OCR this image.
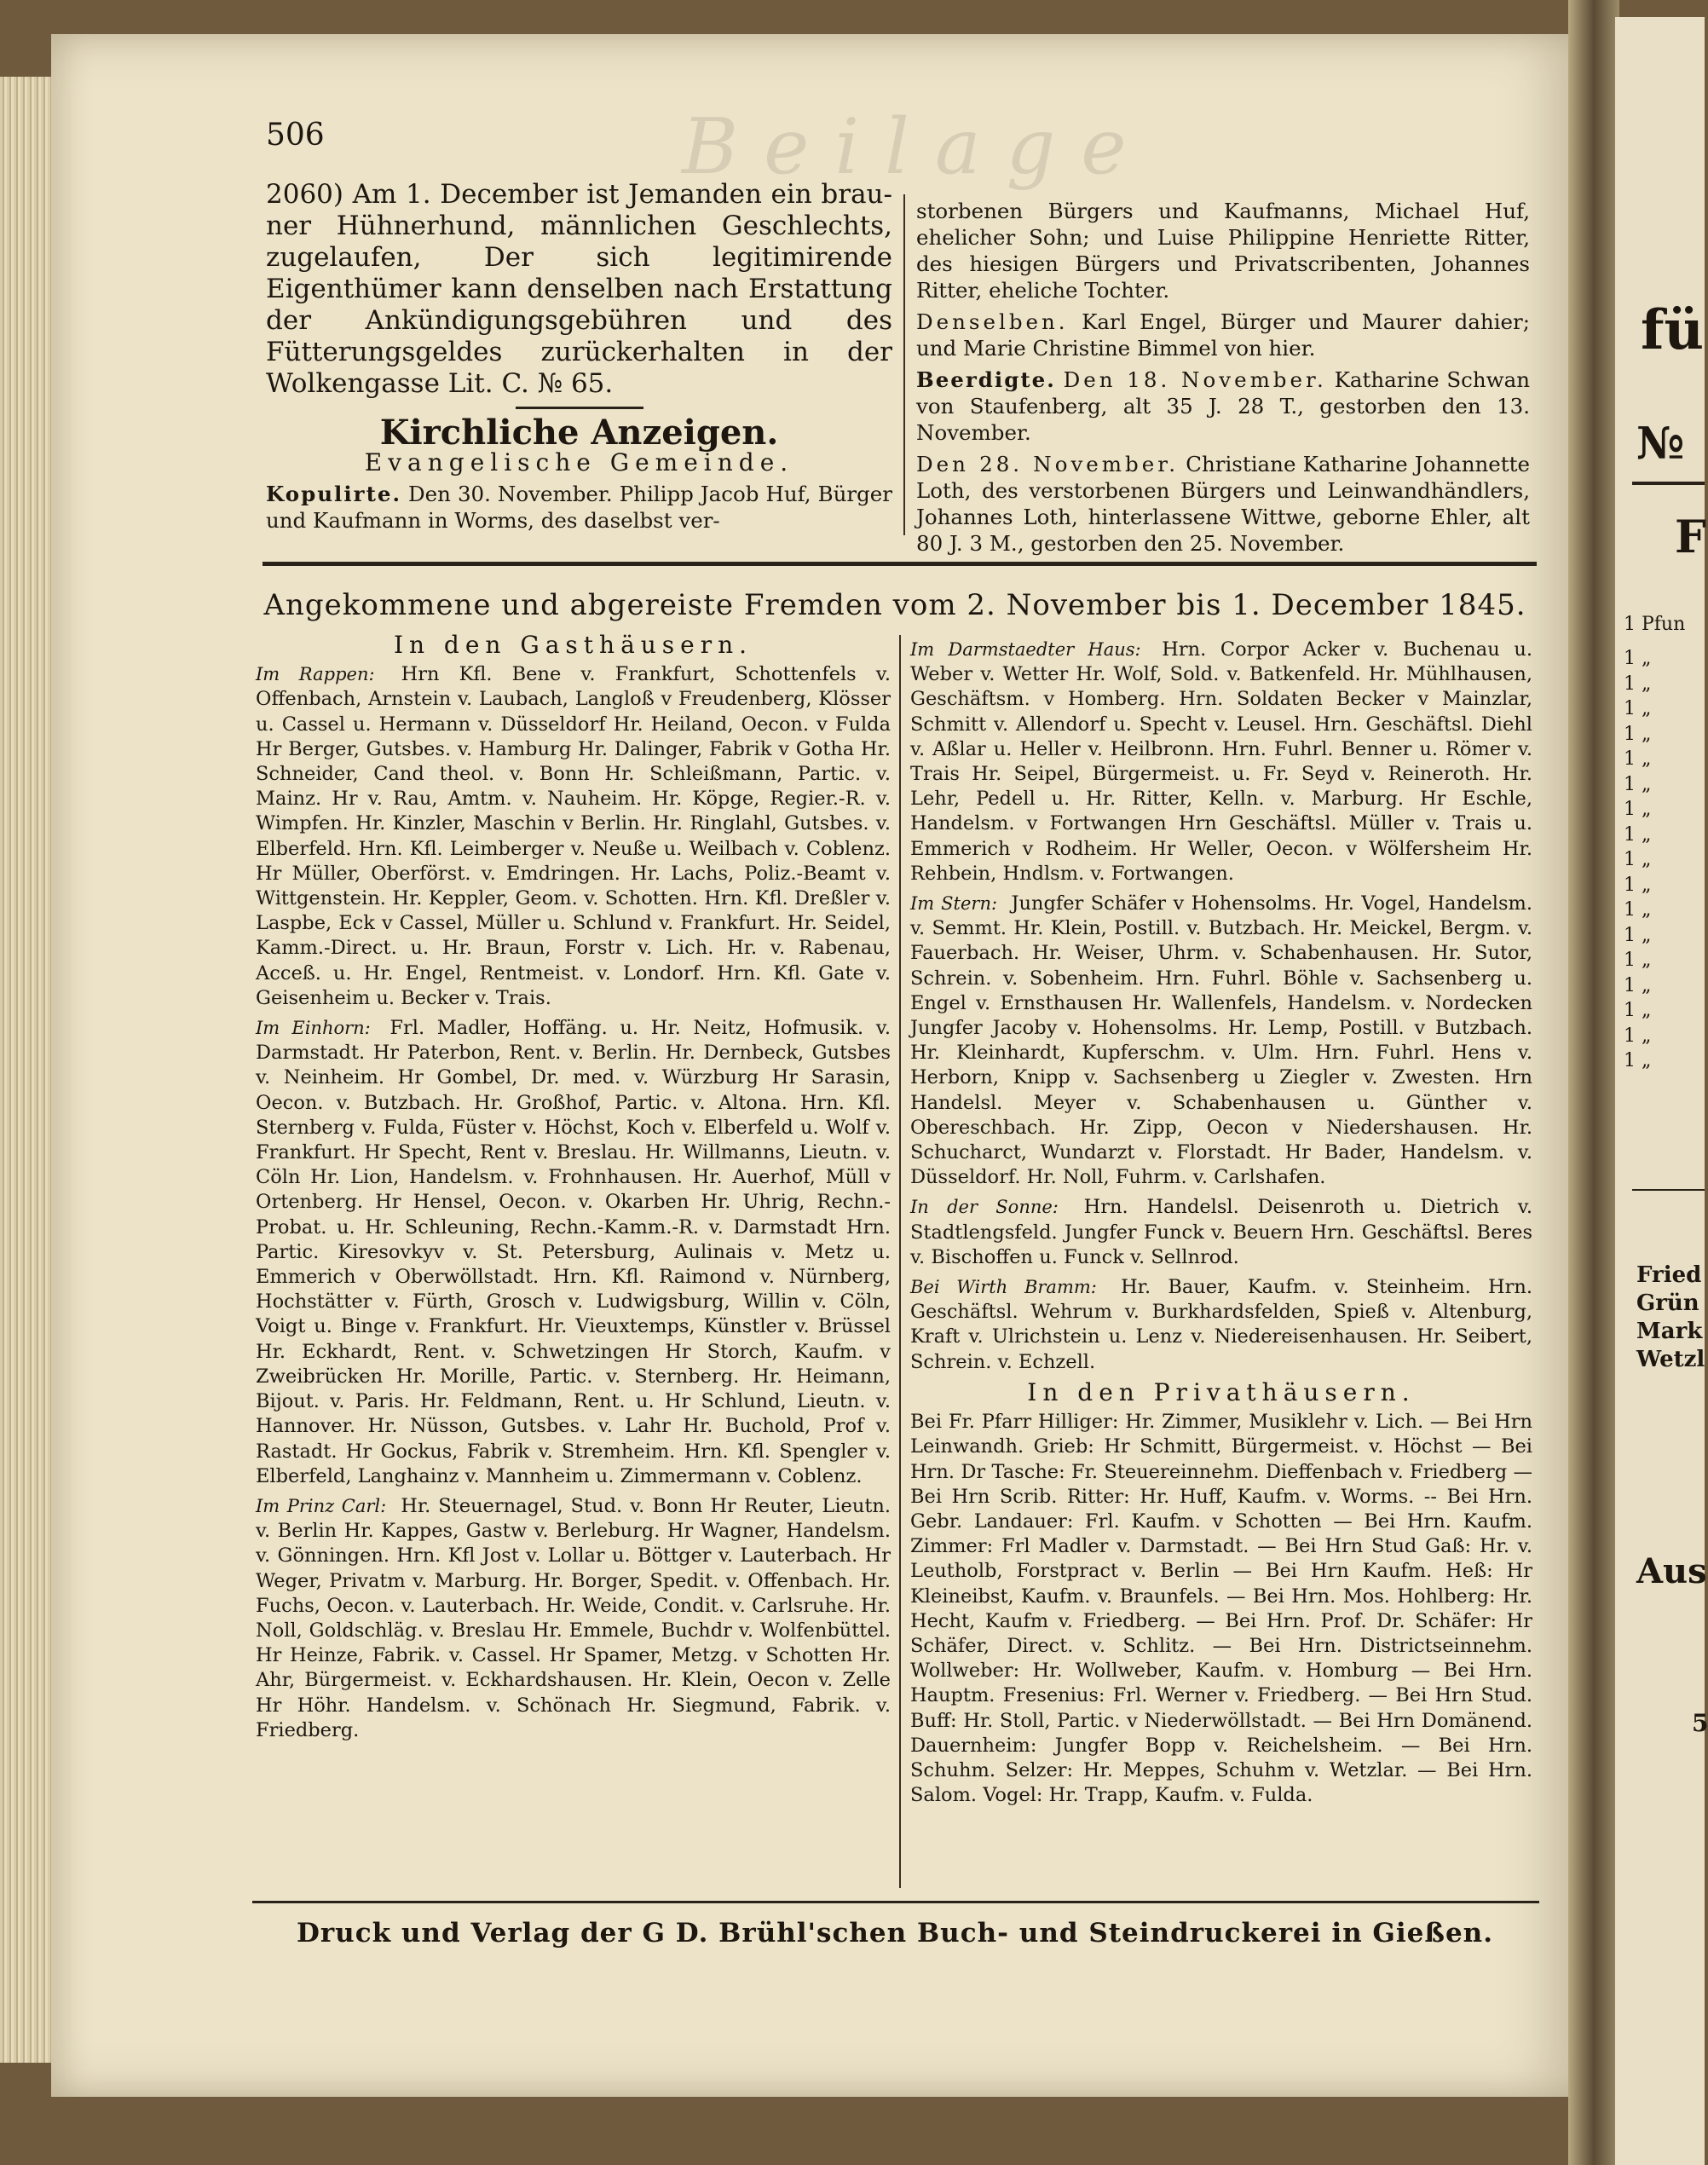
Beilage
506

2060) Am 1. December ist Jemanden ein brau- ner Hühnerhund, männlichen Geschlechts, zugelaufen, Der sich legitimirende Eigenthümer kann denselben nach Erstattung der Ankündigungsgebühren und des Fütterungsgeldes zurückerhalten in der Wolkengasse Lit. C. № 65.

Kirchliche Anzeigen.
Evangelische Gemeinde.

Kopulirte. Den 30. November. Philipp Jacob Huf, Bürger und Kaufmann in Worms, des daselbst ver-

storbenen Bürgers und Kaufmanns, Michael Huf, ehelicher Sohn; und Luise Philippine Henriette Ritter, des hiesigen Bürgers und Privatscribenten, Johannes Ritter, eheliche Tochter.

Denselben. Karl Engel, Bürger und Maurer dahier; und Marie Christine Bimmel von hier.

Beerdigte. Den 18. November. Katharine Schwan von Staufenberg, alt 35 J. 28 T., gestorben den 13. November.

Den 28. November. Christiane Katharine Johannette Loth, des verstorbenen Bürgers und Leinwandhändlers, Johannes Loth, hinterlassene Wittwe, geborne Ehler, alt 80 J. 3 M., gestorben den 25. November.

Angekommene und abgereiste Fremden vom 2. November bis 1. December 1845.
In den Gasthäusern.

Im Rappen: Hrn Kfl. Bene v. Frankfurt, Schottenfels v. Offenbach, Arnstein v. Laubach, Langloß v Freudenberg, Klösser u. Cassel u. Hermann v. Düsseldorf Hr. Heiland, Oecon. v Fulda Hr Berger, Gutsbes. v. Hamburg Hr. Dalinger, Fabrik v Gotha Hr. Schneider, Cand theol. v. Bonn Hr. Schleißmann, Partic. v. Mainz. Hr v. Rau, Amtm. v. Nauheim. Hr. Köpge, Regier.-R. v. Wimpfen. Hr. Kinzler, Maschin v Berlin. Hr. Ringlahl, Gutsbes. v. Elberfeld. Hrn. Kfl. Leimberger v. Neuße u. Weilbach v. Coblenz. Hr Müller, Oberförst. v. Emdringen. Hr. Lachs, Poliz.-Beamt v. Wittgenstein. Hr. Keppler, Geom. v. Schotten. Hrn. Kfl. Dreßler v. Laspbe, Eck v Cassel, Müller u. Schlund v. Frankfurt. Hr. Seidel, Kamm.-Direct. u. Hr. Braun, Forstr v. Lich. Hr. v. Rabenau, Acceß. u. Hr. Engel, Rentmeist. v. Londorf. Hrn. Kfl. Gate v. Geisenheim u. Becker v. Trais.

Im Einhorn: Frl. Madler, Hoffäng. u. Hr. Neitz, Hofmusik. v. Darmstadt. Hr Paterbon, Rent. v. Berlin. Hr. Dernbeck, Gutsbes v. Neinheim. Hr Gombel, Dr. med. v. Würzburg Hr Sarasin, Oecon. v. Butzbach. Hr. Großhof, Partic. v. Altona. Hrn. Kfl. Sternberg v. Fulda, Füster v. Höchst, Koch v. Elberfeld u. Wolf v. Frankfurt. Hr Specht, Rent v. Breslau. Hr. Willmanns, Lieutn. v. Cöln Hr. Lion, Handelsm. v. Frohnhausen. Hr. Auerhof, Müll v Ortenberg. Hr Hensel, Oecon. v. Okarben Hr. Uhrig, Rechn.-Probat. u. Hr. Schleuning, Rechn.-Kamm.-R. v. Darmstadt Hrn. Partic. Kiresovkyv v. St. Petersburg, Aulinais v. Metz u. Emmerich v Oberwöllstadt. Hrn. Kfl. Raimond v. Nürnberg, Hochstätter v. Fürth, Grosch v. Ludwigsburg, Willin v. Cöln, Voigt u. Binge v. Frankfurt. Hr. Vieuxtemps, Künstler v. Brüssel Hr. Eckhardt, Rent. v. Schwetzingen Hr Storch, Kaufm. v Zweibrücken Hr. Morille, Partic. v. Sternberg. Hr. Heimann, Bijout. v. Paris. Hr. Feldmann, Rent. u. Hr Schlund, Lieutn. v. Hannover. Hr. Nüsson, Gutsbes. v. Lahr Hr. Buchold, Prof v. Rastadt. Hr Gockus, Fabrik v. Stremheim. Hrn. Kfl. Spengler v. Elberfeld, Langhainz v. Mannheim u. Zimmermann v. Coblenz.

Im Prinz Carl: Hr. Steuernagel, Stud. v. Bonn Hr Reuter, Lieutn. v. Berlin Hr. Kappes, Gastw v. Berleburg. Hr Wagner, Handelsm. v. Gönningen. Hrn. Kfl Jost v. Lollar u. Böttger v. Lauterbach. Hr Weger, Privatm v. Marburg. Hr. Borger, Spedit. v. Offenbach. Hr. Fuchs, Oecon. v. Lauterbach. Hr. Weide, Condit. v. Carlsruhe. Hr. Noll, Goldschläg. v. Breslau Hr. Emmele, Buchdr v. Wolfenbüttel. Hr Heinze, Fabrik. v. Cassel. Hr Spamer, Metzg. v Schotten Hr. Ahr, Bürgermeist. v. Eckhardshausen. Hr. Klein, Oecon v. Zelle Hr Höhr. Handelsm. v. Schönach Hr. Siegmund, Fabrik. v. Friedberg.

Im Darmstaedter Haus: Hrn. Corpor Acker v. Buchenau u. Weber v. Wetter Hr. Wolf, Sold. v. Batkenfeld. Hr. Mühlhausen, Geschäftsm. v Homberg. Hrn. Soldaten Becker v Mainzlar, Schmitt v. Allendorf u. Specht v. Leusel. Hrn. Geschäftsl. Diehl v. Aßlar u. Heller v. Heilbronn. Hrn. Fuhrl. Benner u. Römer v. Trais Hr. Seipel, Bürgermeist. u. Fr. Seyd v. Reineroth. Hr. Lehr, Pedell u. Hr. Ritter, Kelln. v. Marburg. Hr Eschle, Handelsm. v Fortwangen Hrn Geschäftsl. Müller v. Trais u. Emmerich v Rodheim. Hr Weller, Oecon. v Wölfersheim Hr. Rehbein, Hndlsm. v. Fortwangen.

Im Stern: Jungfer Schäfer v Hohensolms. Hr. Vogel, Handelsm. v. Semmt. Hr. Klein, Postill. v. Butzbach. Hr. Meickel, Bergm. v. Fauerbach. Hr. Weiser, Uhrm. v. Schabenhausen. Hr. Sutor, Schrein. v. Sobenheim. Hrn. Fuhrl. Böhle v. Sachsenberg u. Engel v. Ernsthausen Hr. Wallenfels, Handelsm. v. Nordecken Jungfer Jacoby v. Hohensolms. Hr. Lemp, Postill. v Butzbach. Hr. Kleinhardt, Kupferschm. v. Ulm. Hrn. Fuhrl. Hens v. Herborn, Knipp v. Sachsenberg u Ziegler v. Zwesten. Hrn Handelsl. Meyer v. Schabenhausen u. Günther v. Obereschbach. Hr. Zipp, Oecon v Niedershausen. Hr. Schucharct, Wundarzt v. Florstadt. Hr Bader, Handelsm. v. Düsseldorf. Hr. Noll, Fuhrm. v. Carlshafen.

In der Sonne: Hrn. Handelsl. Deisenroth u. Dietrich v. Stadtlengsfeld. Jungfer Funck v. Beuern Hrn. Geschäftsl. Beres v. Bischoffen u. Funck v. Sellnrod.

Bei Wirth Bramm: Hr. Bauer, Kaufm. v. Steinheim. Hrn. Geschäftsl. Wehrum v. Burkhardsfelden, Spieß v. Altenburg, Kraft v. Ulrichstein u. Lenz v. Niedereisenhausen. Hr. Seibert, Schrein. v. Echzell.

In den Privathäusern.

Bei Fr. Pfarr Hilliger: Hr. Zimmer, Musiklehr v. Lich. — Bei Hrn Leinwandh. Grieb: Hr Schmitt, Bürgermeist. v. Höchst — Bei Hrn. Dr Tasche: Fr. Steuereinnehm. Dieffenbach v. Friedberg — Bei Hrn Scrib. Ritter: Hr. Huff, Kaufm. v. Worms. -- Bei Hrn. Gebr. Landauer: Frl. Kaufm. v Schotten — Bei Hrn. Kaufm. Zimmer: Frl Madler v. Darmstadt. — Bei Hrn Stud Gaß: Hr. v. Leutholb, Forstpract v. Berlin — Bei Hrn Kaufm. Heß: Hr Kleineibst, Kaufm. v. Braunfels. — Bei Hrn. Mos. Hohlberg: Hr. Hecht, Kaufm v. Friedberg. — Bei Hrn. Prof. Dr. Schäfer: Hr Schäfer, Direct. v. Schlitz. — Bei Hrn. Districtseinnehm. Wollweber: Hr. Wollweber, Kaufm. v. Homburg — Bei Hrn. Hauptm. Fresenius: Frl. Werner v. Friedberg. — Bei Hrn Stud. Buff: Hr. Stoll, Partic. v Niederwöllstadt. — Bei Hrn Domänend. Dauernheim: Jungfer Bopp v. Reichelsheim. — Bei Hrn. Schuhm. Selzer: Hr. Meppes, Schuhm v. Wetzlar. — Bei Hrn. Salom. Vogel: Hr. Trapp, Kaufm. v. Fulda.

Druck und Verlag der G D. Brühl'schen Buch- und Steindruckerei in Gießen.
fü
№
F
1 Pfun
1 „
1 „
1 „
1 „
1 „
1 „
1 „
1 „
1 „
1 „
1 „
1 „
1 „
1 „
1 „
1 „
1 „
Fried
Grün
Mark
Wetzl
Aus
5
